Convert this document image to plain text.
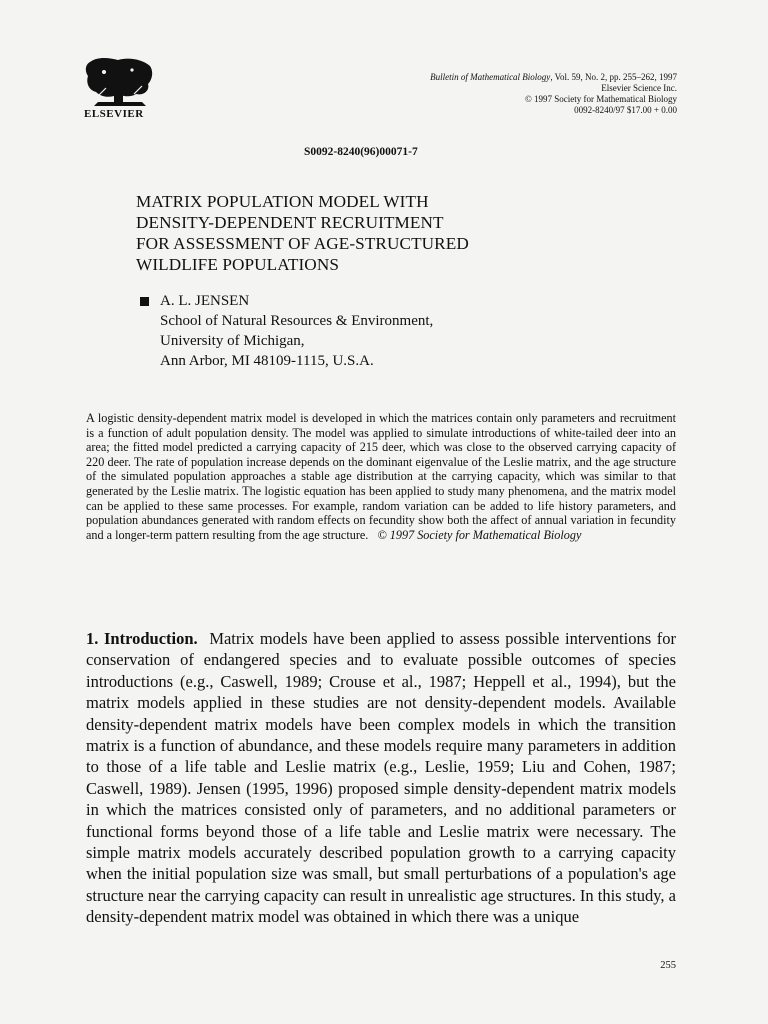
ELSEVIER
Bulletin of Mathematical Biology, Vol. 59, No. 2, pp. 255–262, 1997
Elsevier Science Inc.
© 1997 Society for Mathematical Biology
0092-8240/97 $17.00 + 0.00
S0092-8240(96)00071-7
MATRIX POPULATION MODEL WITH
DENSITY-DEPENDENT RECRUITMENT
FOR ASSESSMENT OF AGE-STRUCTURED
WILDLIFE POPULATIONS
A. L. JENSEN
School of Natural Resources & Environment,
University of Michigan,
Ann Arbor, MI 48109-1115, U.S.A.
A logistic density-dependent matrix model is developed in which the matrices contain only parameters and recruitment is a function of adult population density. The model was applied to simulate introductions of white-tailed deer into an area; the fitted model predicted a carrying capacity of 215 deer, which was close to the observed carrying capacity of 220 deer. The rate of population increase depends on the dominant eigenvalue of the Leslie matrix, and the age structure of the simulated population approaches a stable age distribution at the carrying capacity, which was similar to that generated by the Leslie matrix. The logistic equation has been applied to study many phenomena, and the matrix model can be applied to these same processes. For example, random variation can be added to life history parameters, and population abundances generated with random effects on fecundity show both the affect of annual variation in fecundity and a longer-term pattern resulting from the age structure. © 1997 Society for Mathematical Biology
1. Introduction. Matrix models have been applied to assess possible interventions for conservation of endangered species and to evaluate possible outcomes of species introductions (e.g., Caswell, 1989; Crouse et al., 1987; Heppell et al., 1994), but the matrix models applied in these studies are not density-dependent models. Available density-dependent matrix models have been complex models in which the transition matrix is a function of abundance, and these models require many parameters in addition to those of a life table and Leslie matrix (e.g., Leslie, 1959; Liu and Cohen, 1987; Caswell, 1989). Jensen (1995, 1996) proposed simple density-dependent matrix models in which the matrices consisted only of parameters, and no additional parameters or functional forms beyond those of a life table and Leslie matrix were necessary. The simple matrix models accurately described population growth to a carrying capacity when the initial population size was small, but small perturbations of a population's age structure near the carrying capacity can result in unrealistic age structures. In this study, a density-dependent matrix model was obtained in which there was a unique
255
